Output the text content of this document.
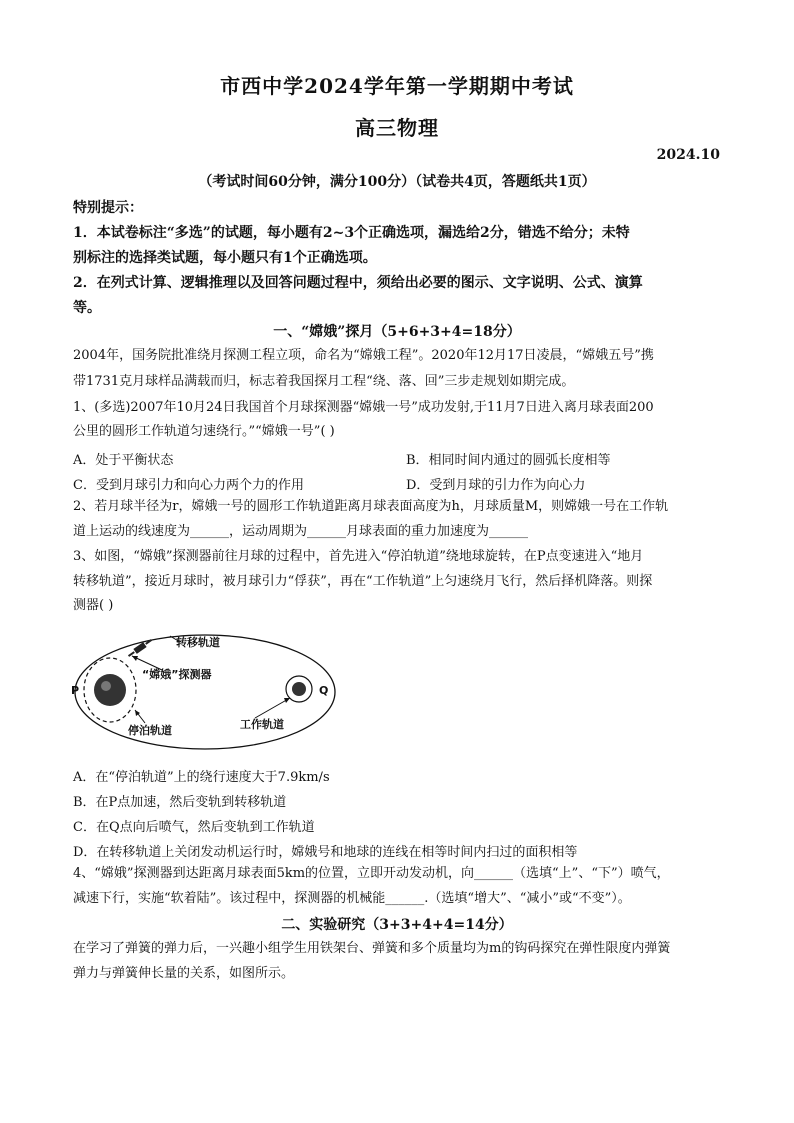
市西中学2024学年第一学期期中考试
高三物理
2024.10
（考试时间60分钟，满分100分）（试卷共4页，答题纸共1页）
特别提示：
1．本试卷标注“多选”的试题，每小题有2~3个正确选项，漏选给2分，错选不给分；未特
别标注的选择类试题，每小题只有1个正确选项。
2．在列式计算、逻辑推理以及回答问题过程中，须给出必要的图示、文字说明、公式、演算
等。
一、“嫦娥”探月（5+6+3+4=18分）
2004年，国务院批准绕月探测工程立项，命名为“嫦娥工程”。2020年12月17日凌晨，“嫦娥五号”携
带1731克月球样品满载而归，标志着我国探月工程“绕、落、回”三步走规划如期完成。
1、(多选)2007年10月24日我国首个月球探测器“嫦娥一号”成功发射,于11月7日进入离月球表面200
公里的圆形工作轨道匀速绕行。”“嫦娥一号”( )
A．处于平衡状态	B．相同时间内通过的圆弧长度相等
C．受到月球引力和向心力两个力的作用	D．受到月球的引力作为向心力
2、若月球半径为r，嫦娥一号的圆形工作轨道距离月球表面高度为h，月球质量M，则嫦娥一号在工作轨
道上运动的线速度为______，运动周期为______月球表面的重力加速度为______
3、如图，“嫦娥”探测器前往月球的过程中，首先进入“停泊轨道”绕地球旋转，在P点变速进入“地月
转移轨道”，接近月球时，被月球引力“俘获”，再在“工作轨道”上匀速绕月飞行，然后择机降落。则探
测器( )
转移轨道
“嫦娥”探测器
停泊轨道	工作轨道
P	Q
A．在“停泊轨道”上的绕行速度大于7.9km/s
B．在P点加速，然后变轨到转移轨道
C．在Q点向后喷气，然后变轨到工作轨道
D．在转移轨道上关闭发动机运行时，嫦娥号和地球的连线在相等时间内扫过的面积相等
4、“嫦娥”探测器到达距离月球表面5km的位置，立即开动发动机，向______（选填“上”、“下”）喷气，
减速下行，实施“软着陆”。该过程中，探测器的机械能______.（选填“增大”、“减小”或“不变”）。
二、实验研究（3+3+4+4=14分）
在学习了弹簧的弹力后，一兴趣小组学生用铁架台、弹簧和多个质量均为m的钩码探究在弹性限度内弹簧
弹力与弹簧伸长量的关系，如图所示。
